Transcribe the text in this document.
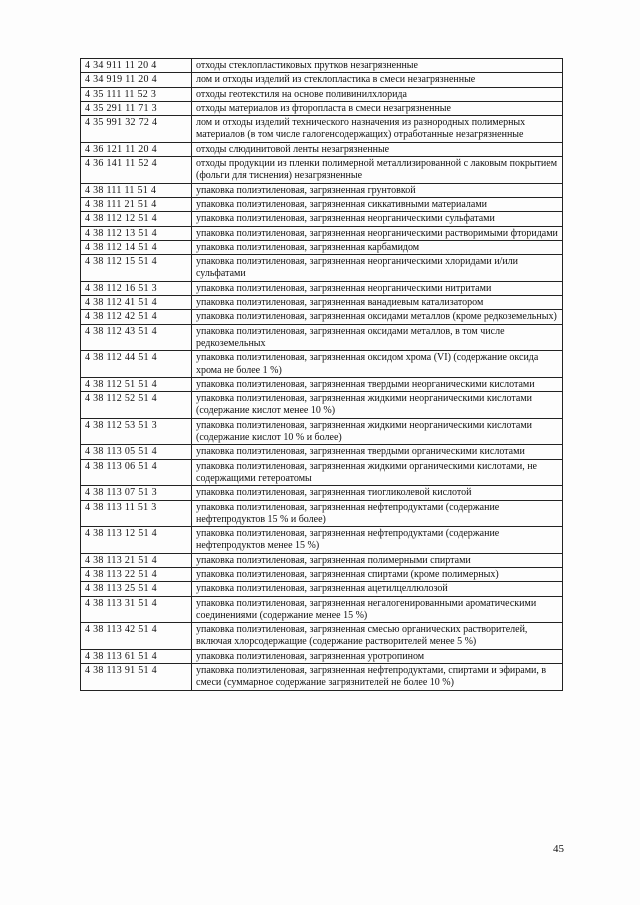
4 34 911 11 20 4	отходы стеклопластиковых прутков незагрязненные
4 34 919 11 20 4	лом и отходы изделий из стеклопластика в смеси незагрязненные
4 35 111 11 52 3	отходы геотекстиля на основе поливинилхлорида
4 35 291 11 71 3	отходы материалов из фторопласта в смеси незагрязненные
4 35 991 32 72 4	лом и отходы изделий технического назначения из разнородных полимерных материалов (в том числе галогенсодержащих) отработанные незагрязненные
4 36 121 11 20 4	отходы слюдинитовой ленты незагрязненные
4 36 141 11 52 4	отходы продукции из пленки полимерной металлизированной с лаковым покрытием (фольги для тиснения) незагрязненные
4 38 111 11 51 4	упаковка полиэтиленовая, загрязненная грунтовкой
4 38 111 21 51 4	упаковка полиэтиленовая, загрязненная сиккативными материалами
4 38 112 12 51 4	упаковка полиэтиленовая, загрязненная неорганическими сульфатами
4 38 112 13 51 4	упаковка полиэтиленовая, загрязненная неорганическими растворимыми фторидами
4 38 112 14 51 4	упаковка полиэтиленовая, загрязненная карбамидом
4 38 112 15 51 4	упаковка полиэтиленовая, загрязненная неорганическими хлоридами и/или сульфатами
4 38 112 16 51 3	упаковка полиэтиленовая, загрязненная неорганическими нитритами
4 38 112 41 51 4	упаковка полиэтиленовая, загрязненная ванадиевым катализатором
4 38 112 42 51 4	упаковка полиэтиленовая, загрязненная оксидами металлов (кроме редкоземельных)
4 38 112 43 51 4	упаковка полиэтиленовая, загрязненная оксидами металлов, в том числе редкоземельных
4 38 112 44 51 4	упаковка полиэтиленовая, загрязненная оксидом хрома (VI) (содержание оксида хрома не более 1 %)
4 38 112 51 51 4	упаковка полиэтиленовая, загрязненная твердыми неорганическими кислотами
4 38 112 52 51 4	упаковка полиэтиленовая, загрязненная жидкими неорганическими кислотами (содержание кислот менее 10 %)
4 38 112 53 51 3	упаковка полиэтиленовая, загрязненная жидкими неорганическими кислотами (содержание кислот 10 % и более)
4 38 113 05 51 4	упаковка полиэтиленовая, загрязненная твердыми органическими кислотами
4 38 113 06 51 4	упаковка полиэтиленовая, загрязненная жидкими органическими кислотами, не содержащими гетероатомы
4 38 113 07 51 3	упаковка полиэтиленовая, загрязненная тиогликолевой кислотой
4 38 113 11 51 3	упаковка полиэтиленовая, загрязненная нефтепродуктами (содержание нефтепродуктов 15 % и более)
4 38 113 12 51 4	упаковка полиэтиленовая, загрязненная нефтепродуктами (содержание нефтепродуктов менее 15 %)
4 38 113 21 51 4	упаковка полиэтиленовая, загрязненная полимерными спиртами
4 38 113 22 51 4	упаковка полиэтиленовая, загрязненная спиртами (кроме полимерных)
4 38 113 25 51 4	упаковка полиэтиленовая, загрязненная ацетилцеллюлозой
4 38 113 31 51 4	упаковка полиэтиленовая, загрязненная негалогенированными ароматическими соединениями (содержание менее 15 %)
4 38 113 42 51 4	упаковка полиэтиленовая, загрязненная смесью органических растворителей, включая хлорсодержащие (содержание растворителей менее 5 %)
4 38 113 61 51 4	упаковка полиэтиленовая, загрязненная уротропином
4 38 113 91 51 4	упаковка полиэтиленовая, загрязненная нефтепродуктами, спиртами и эфирами, в смеси (суммарное содержание загрязнителей не более 10 %)
45
